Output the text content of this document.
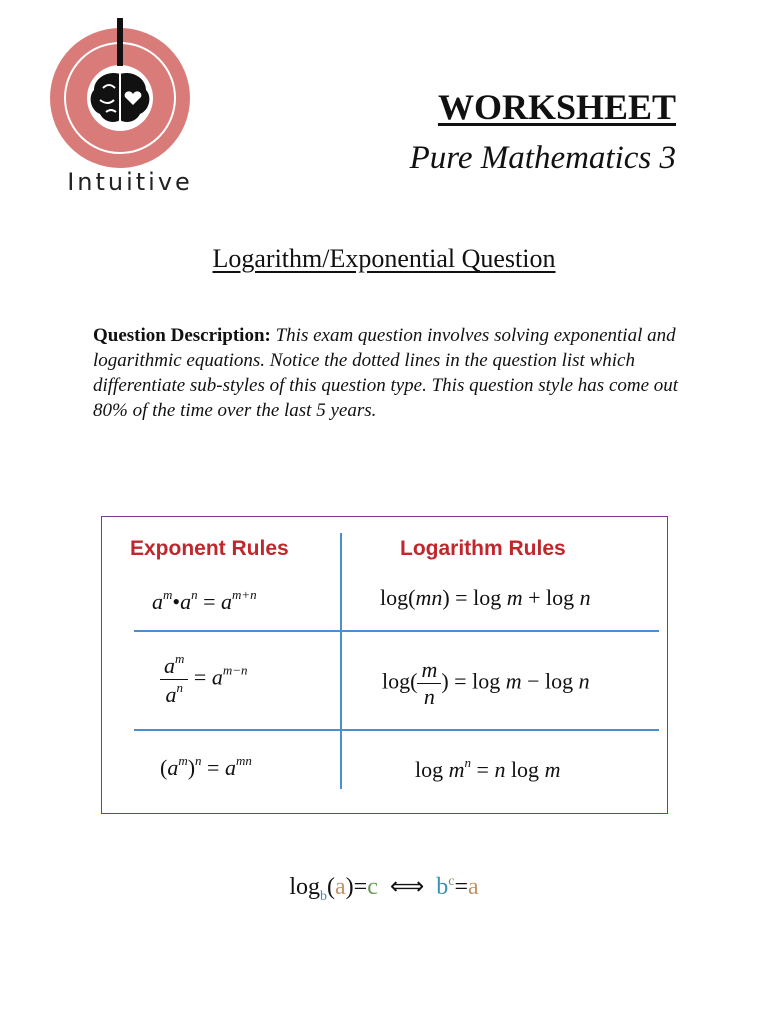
Intuitive
WORKSHEET
Pure Mathematics 3
Logarithm/Exponential Question
Question Description: This exam question involves solving exponential and logarithmic equations. Notice the dotted lines in the question list which differentiate sub-styles of this question type. This question style has come out 80% of the time over the last 5 years.
Exponent Rules	Logarithm Rules
$a^m•a^n = a^{m+n}$	log(mn) = log m + log n
$\frac{a^m}{a^n} = a^{m-n}$	$\log( \frac{m}{n}$ ) = log m − log n
$(a^m)^n = a^{mn}$	$\log m^n = n$ log m
$\log_b(a)=c$ ⟺ $b^c=a$
